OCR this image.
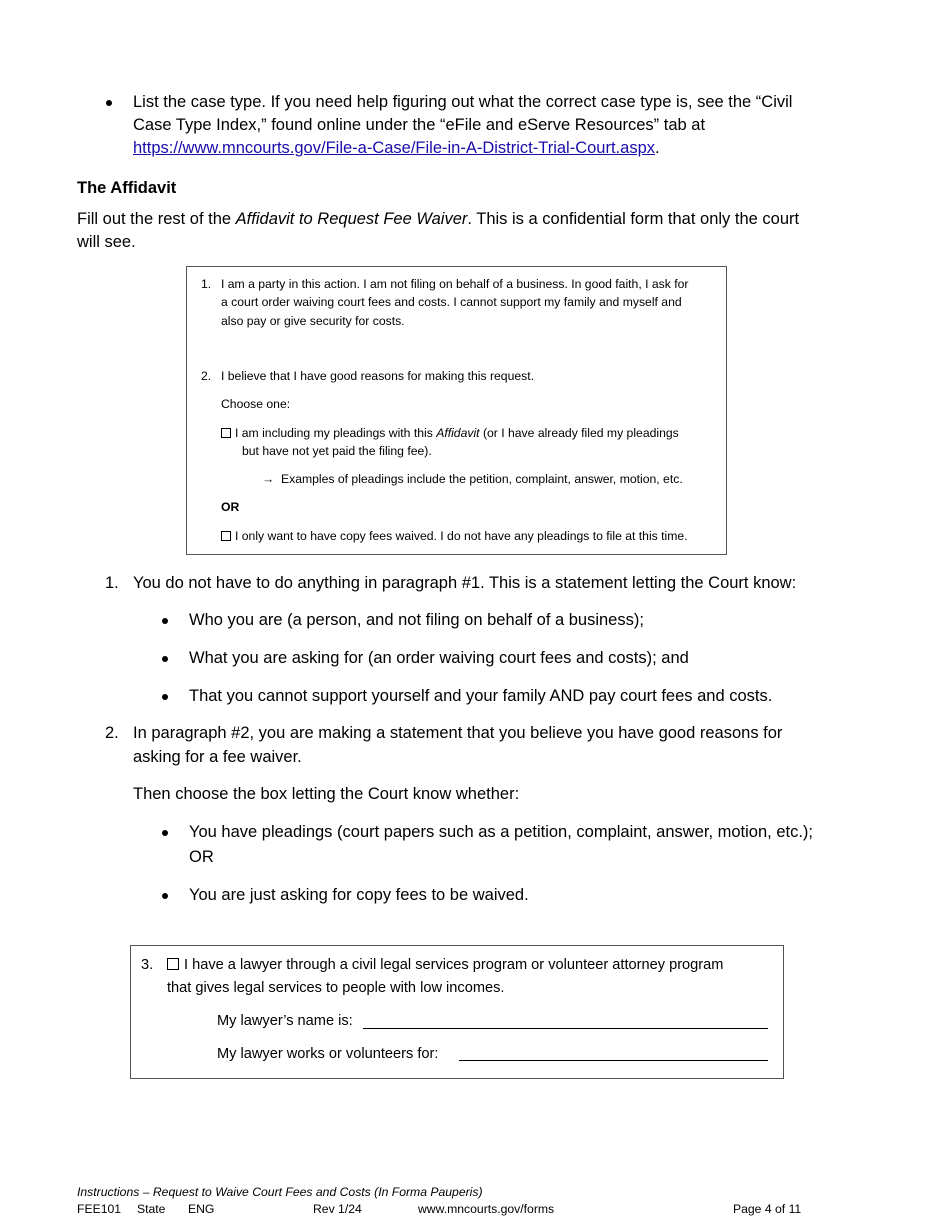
List the case type. If you need help figuring out what the correct case type is, see the “Civil
Case Type Index,” found online under the “eFile and eServe Resources” tab at
https://www.mncourts.gov/File-a-Case/File-in-A-District-Trial-Court.aspx.
The Affidavit
Fill out the rest of the Affidavit to Request Fee Waiver. This is a confidential form that only the court
will see.
1. I am a party in this action. I am not filing on behalf of a business. In good faith, I ask for
a court order waiving court fees and costs. I cannot support my family and myself and
also pay or give security for costs.
2. I believe that I have good reasons for making this request.
Choose one:
I am including my pleadings with this Affidavit (or I have already filed my pleadings
but have not yet paid the filing fee).
→ Examples of pleadings include the petition, complaint, answer, motion, etc.
OR
I only want to have copy fees waived. I do not have any pleadings to file at this time.
1. You do not have to do anything in paragraph #1. This is a statement letting the Court know:
Who you are (a person, and not filing on behalf of a business);
What you are asking for (an order waiving court fees and costs); and
That you cannot support yourself and your family AND pay court fees and costs.
2. In paragraph #2, you are making a statement that you believe you have good reasons for
asking for a fee waiver.
Then choose the box letting the Court know whether:
You have pleadings (court papers such as a petition, complaint, answer, motion, etc.);
OR
You are just asking for copy fees to be waived.
3.	I have a lawyer through a civil legal services program or volunteer attorney program
that gives legal services to people with low incomes.
My lawyer’s name is:
My lawyer works or volunteers for:
Instructions – Request to Waive Court Fees and Costs (In Forma Pauperis)
FEE101 State ENG	Rev 1/24	www.mncourts.gov/forms	Page 4 of 11
